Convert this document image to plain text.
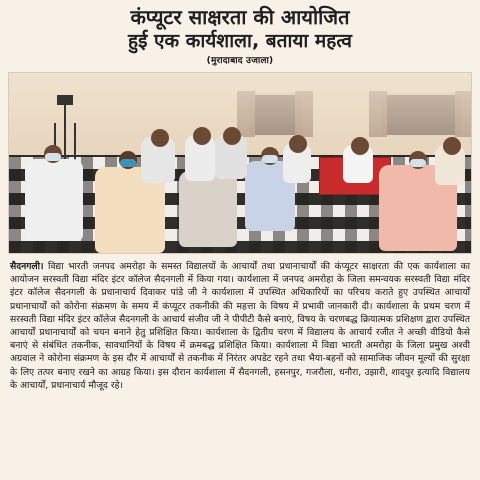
कंप्यूटर साक्षरता की आयोजित
हुई एक कार्यशाला, बताया महत्व
(मुरादाबाद उजाला)

सैदनगली। विद्या भारती जनपद अमरोहा के समस्त विद्यालयों के आचार्यों तथा प्रधानाचार्यों की कंप्यूटर साक्षरता की एक कार्यशाला का आयोजन सरस्वती विद्या मंदिर इंटर कॉलेज सैदनगली में किया गया। कार्यशाला में जनपद अमरोहा के जिला समन्वयक सरस्वती विद्या मंदिर इंटर कॉलेज सैदनगली के प्रधानाचार्य दिवाकर पांडे जी ने कार्यशाला में उपस्थित अधिकारियों का परिचय कराते हुए उपस्थित आचार्यों प्रधानाचार्यों को कोरोना संक्रमण के समय में कंप्यूटर तकनीकी की महत्ता के विषय में प्रभावी जानकारी दी। कार्यशाला के प्रथम चरण में सरस्वती विद्या मंदिर इंटर कॉलेज सैदनगली के आचार्य संजीव जी ने पीपीटी कैसे बनाएं, विषय के चरणबद्ध क्रियात्मक प्रशिक्षण द्वारा उपस्थित आचार्यों प्रधानाचार्यों को चयन बनाने हेतु प्रशिक्षित किया। कार्यशाला के द्वितीय चरण में विद्यालय के आचार्य रजीत ने अच्छी वीडियो कैसे बनाएं से संबंधित तकनीक, सावधानियों के विषय में क्रमबद्ध प्रशिक्षित किया। कार्यशाला में विद्या भारती अमरोहा के जिला प्रमुख अश्वी अग्रवाल ने कोरोना संक्रमण के इस दौर में आचार्यों से तकनीक में निरंतर अपडेट रहने तथा भैया-बहनों को सामाजिक जीवन मूल्यों की सुरक्षा के लिए तत्पर बनाए रखने का आग्रह किया। इस दौरान कार्यशाला में सैदनगली, हसनपुर, गजरौला, धनौरा, उझारी, शादपुर इत्यादि विद्यालय के आचार्यों, प्रधानाचार्य मौजूद रहे।
